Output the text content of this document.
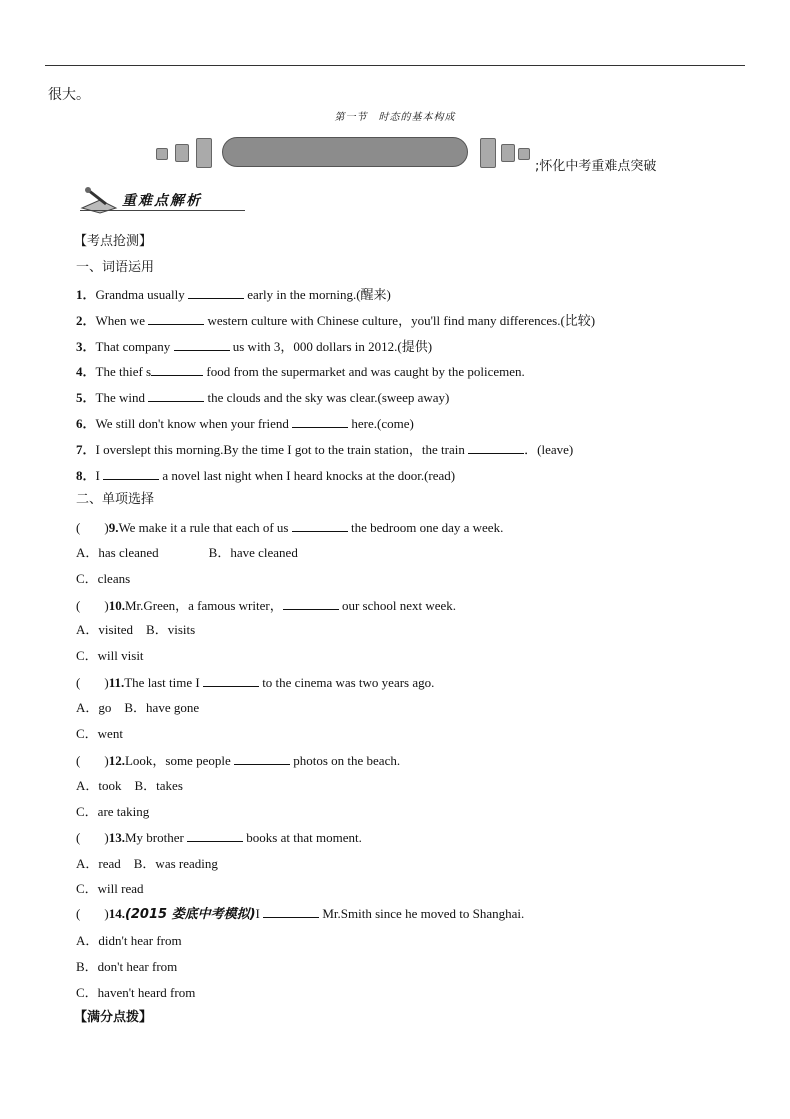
很大。
第一节　时态的基本构成
;怀化中考重难点突破
重难点解析
【考点抢测】
一、词语运用
1．Grandma usually	early in the morning.(醒来)
2．When we	western culture with Chinese culture，you'll find many differences.(比较)
3．That company	us with 3，000 dollars in 2012.(提供)
4．The thief s	food from the supermarket and was caught by the policemen.
5．The wind	the clouds and the sky was clear.(sweep away)
6．We still don't know when your friend	here.(come)
7．I overslept this morning.By the time I got to the train station，the train	．(leave)
8．I	a novel last night when I heard knocks at the door.(read)
二、单项选择
( )9.We make it a rule that each of us	the bedroom one day a week.
A．has cleaned	B．have cleaned
C．cleans
( )10.Mr.Green，a famous writer，	our school next week.
A．visited　B．visits
C．will visit
( )11.The last time I	to the cinema was two years ago.
A．go　B．have gone
C．went
( )12.Look，some people	photos on the beach.
A．took　B．takes
C．are taking
( )13.My brother	books at that moment.
A．read　B．was reading
C．will read
( )14.(2015 娄底中考模拟)I	Mr.Smith since he moved to Shanghai.
A．didn't hear from
B．don't hear from
C．haven't heard from
【满分点拨】
